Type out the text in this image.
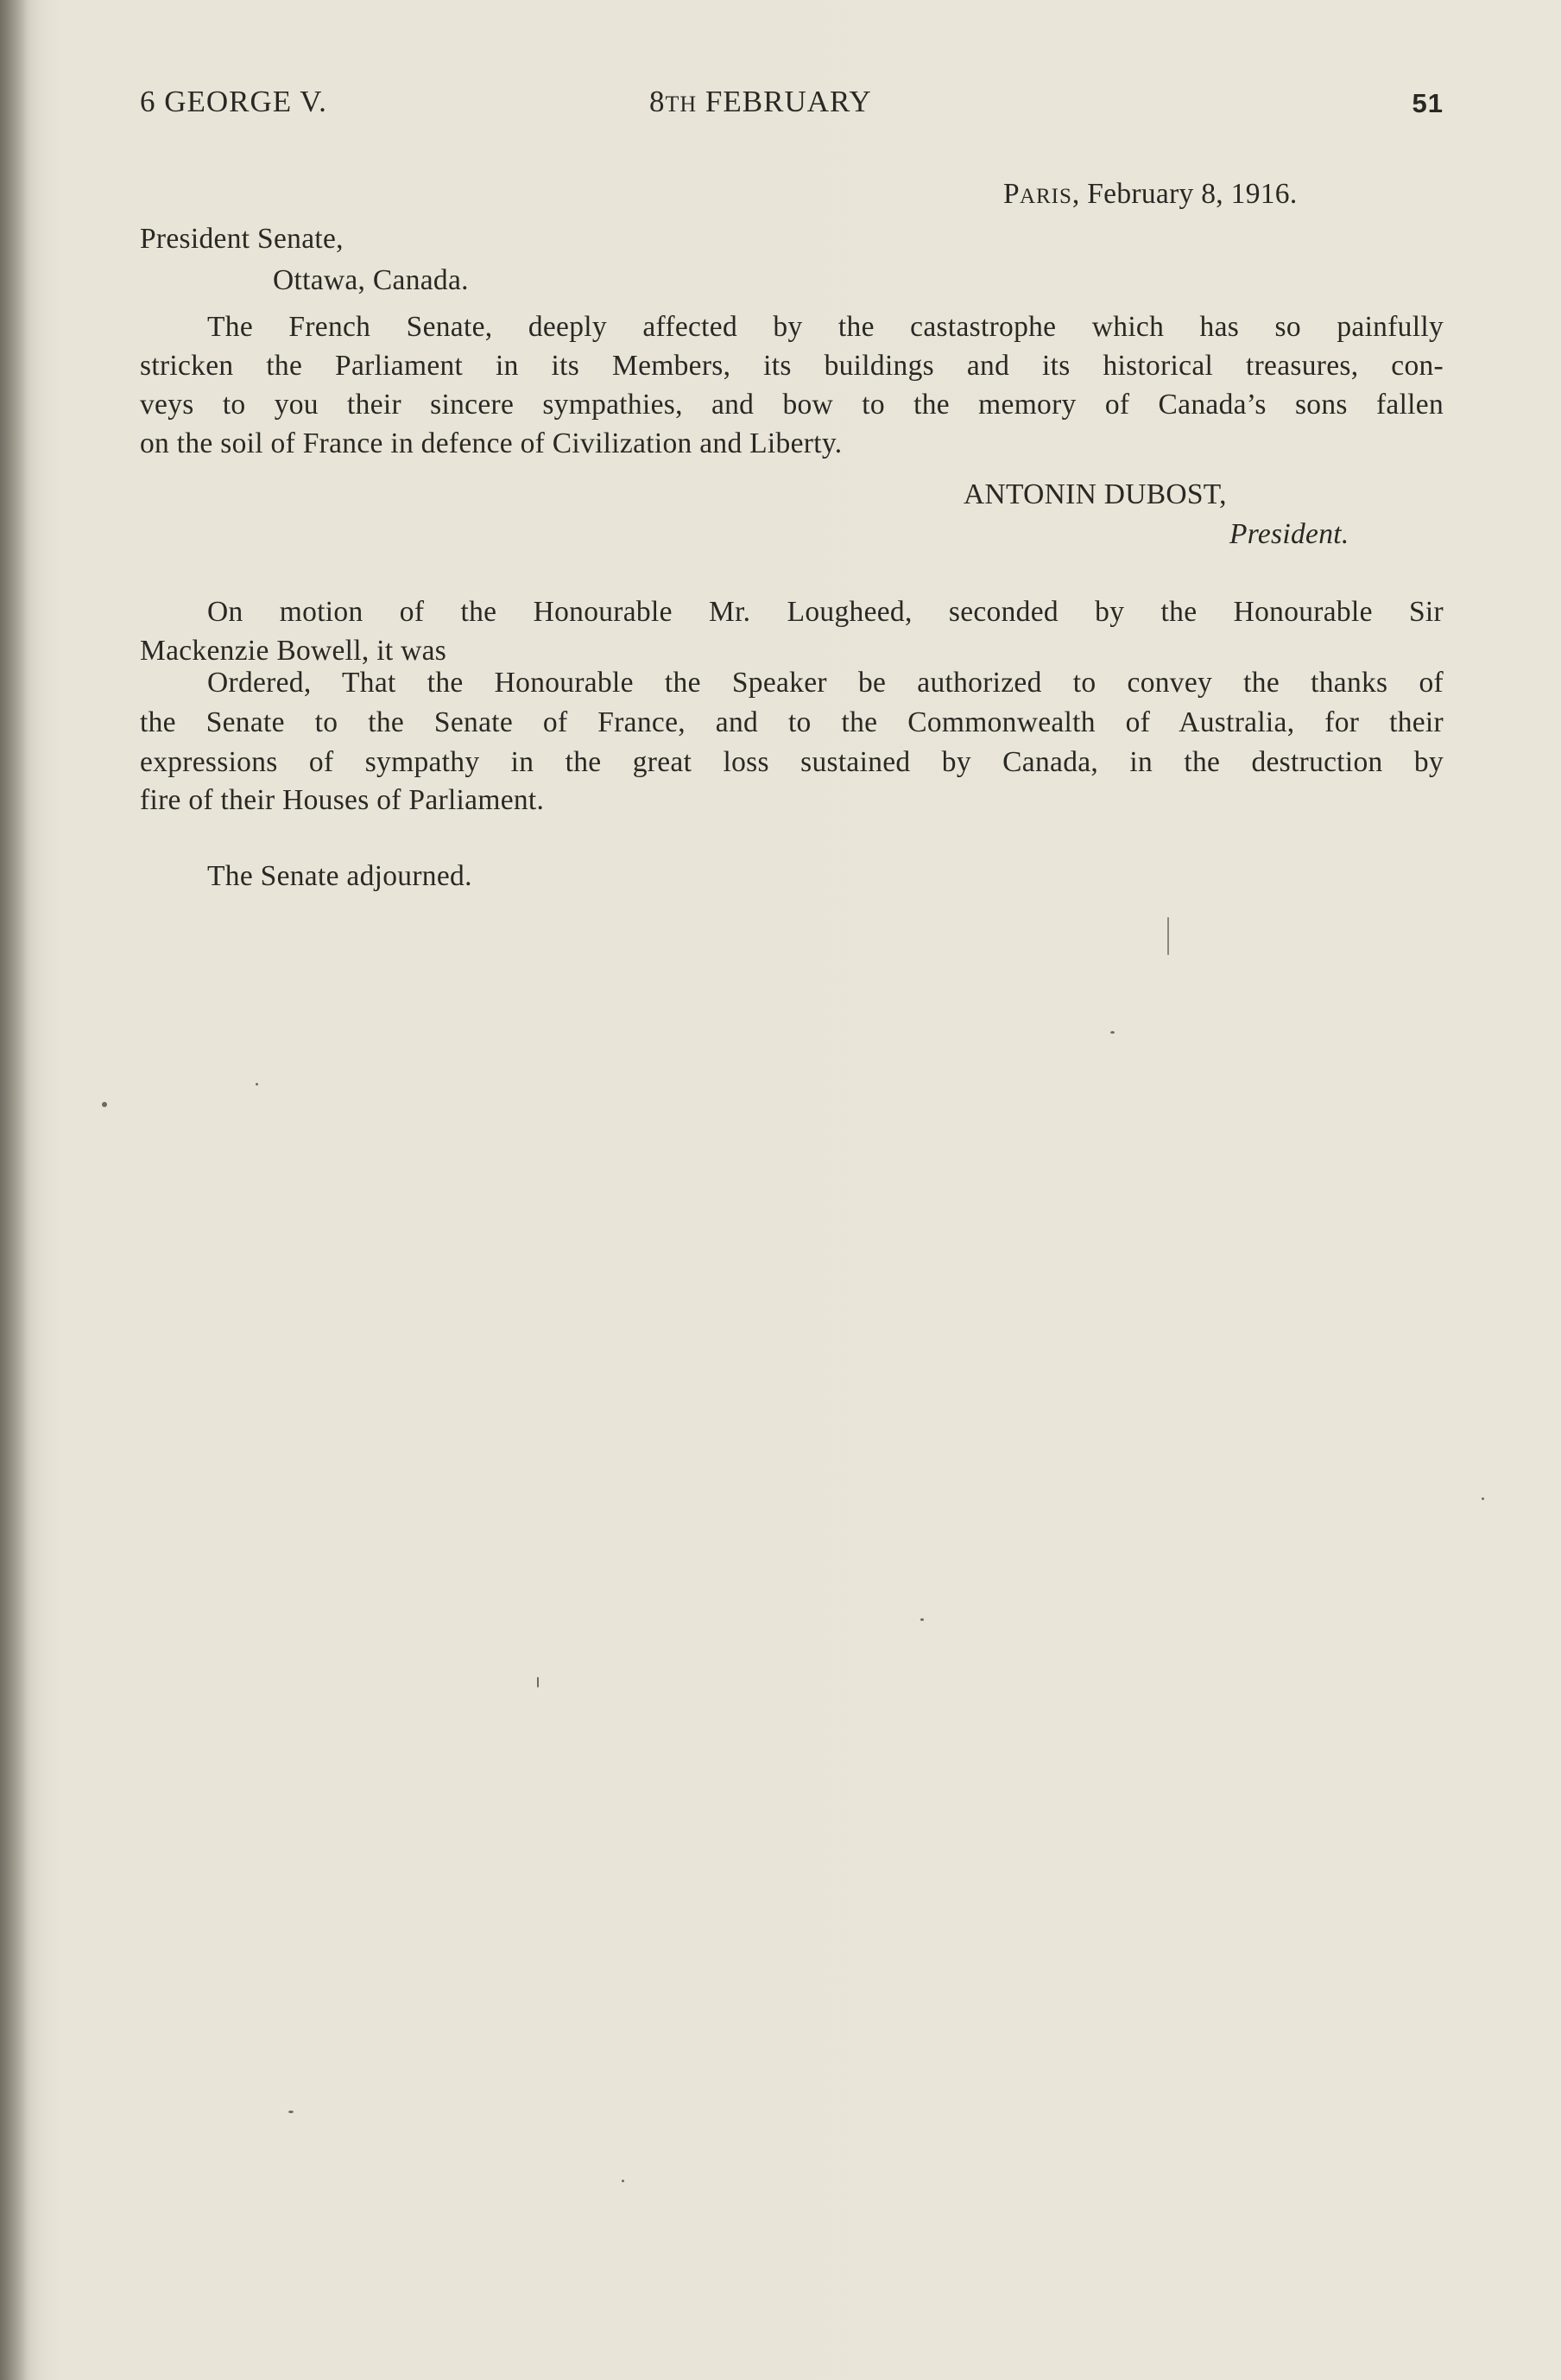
6 GEORGE V.	8TH FEBRUARY	51
PARIS, February 8, 1916.
President Senate,
Ottawa, Canada.
The French Senate, deeply affected by the castastrophe which has so painfully
stricken the Parliament in its Members, its buildings and its historical treasures, con-
veys to you their sincere sympathies, and bow to the memory of Canada’s sons fallen
on the soil of France in defence of Civilization and Liberty.
ANTONIN DUBOST,
President.
On motion of the Honourable Mr. Lougheed, seconded by the Honourable Sir
Mackenzie Bowell, it was
Ordered, That the Honourable the Speaker be authorized to convey the thanks of
the Senate to the Senate of France, and to the Commonwealth of Australia, for their
expressions of sympathy in the great loss sustained by Canada, in the destruction by
fire of their Houses of Parliament.
The Senate adjourned.
